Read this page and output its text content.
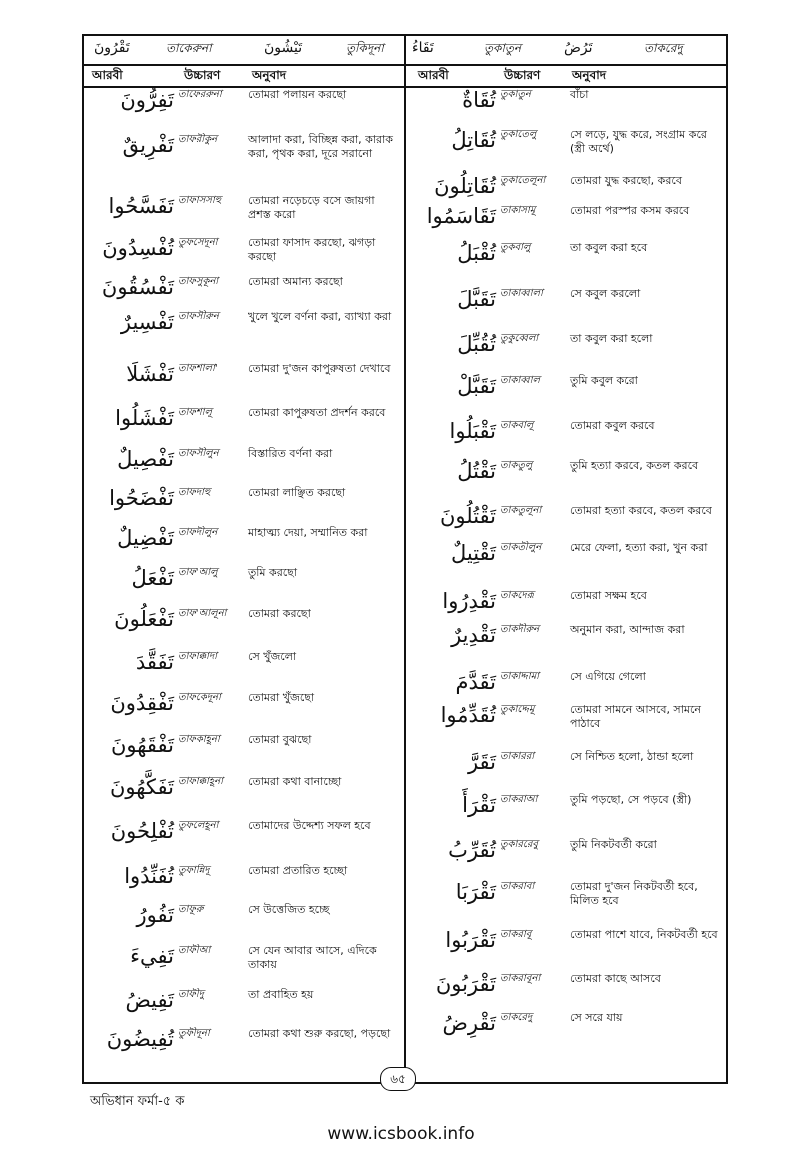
تَقْرُونَ	তাকেরুনা	تَيْشُونَ	তুকিদূনা تَقَاءُ	তুকাতুন	تَرُضُ	তাকরেদু
আরবী	উচ্চারণ	অনুবাদ	আরবী	উচ্চারণ	অনুবাদ
تَفِرُّونَ তাফেররুনা	তোমরা পলায়ন করছো
تَفْرِيقٌ তাফরীকুন	আলাদা করা, বিচ্ছিন্ন করা, কারাক করা, পৃথক করা, দূরে সরানো
تَفَسَّحُوا তাফাসসাহু	তোমরা নড়েচড়ে বসে জায়গা প্রশস্ত করো
تُفْسِدُونَ তুফসেদূনা	তোমরা ফাসাদ করছো, ঝগড়া করছো
تَفْسُقُونَ তাফসুকূনা	তোমরা অমান্য করছো
تَفْسِيرٌ তাফসীরুন	খুলে খুলে বর্ণনা করা, ব্যাখ্যা করা
تَفْشَلَا তাফশালা'	তোমরা দু'জন কাপুরুষতা দেখাবে
تَفْشَلُوا তাফশালূ	তোমরা কাপুরুষতা প্রদর্শন করবে
تَفْصِيلٌ তাফসীলুন	বিস্তারিত বর্ণনা করা
تَفْضَحُوا তাফদাহু	তোমরা লাঞ্ছিত করছো
تَفْضِيلٌ তাফদীলুন	মাহাত্ম্য দেয়া, সম্মানিত করা
تَفْعَلُ তাফ'আলু	তুমি করছো
تَفْعَلُونَ তাফ'আলূনা	তোমরা করছো
تَفَقَّدَ তাফাক্কাদা	সে খুঁজলো
تَفْقِدُونَ তাফকেদূনা	তোমরা খুঁজছো
تَفْقَهُونَ তাফকাহূনা	তোমরা বুঝছো
تَفَكَّهُونَ তাফাক্কাহূনা	তোমরা কথা বানাচ্ছো
تُفْلِحُونَ তুফলেহূনা	তোমাদের উদ্দেশ্য সফল হবে
تُفَنِّدُوا তুফান্নিদূ	তোমরা প্রতারিত হচ্ছো
تَفُورُ তাফূরু	সে উত্তেজিত হচ্ছে
تَفِيءَ তাফীআ	সে যেন আবার আসে, এদিকে তাকায়
تَفِيضُ তাফীদু	তা প্রবাহিত হয়
تُفِيضُونَ তুফীদূনা	তোমরা কথা শুরু করছো, পড়ছো
تُقَاةٌ তুকাতুন	বাঁচা
تُقَاتِلُ তুকাতেলু	সে লড়ে, যুদ্ধ করে, সংগ্রাম করে (স্ত্রী অর্থে)
تُقَاتِلُونَ তুকাতেলূনা	তোমরা যুদ্ধ করছো, করবে
تَقَاسَمُوا তাকাসামূ	তোমরা পরস্পর কসম করবে
تُقْبَلُ তুকবালু	তা কবুল করা হবে
تَقَبَّلَ তাকাব্বালা	সে কবুল করলো
تُقُبِّلَ তুকুব্বেলা	তা কবুল করা হলো
تَقَبَّلْ তাকাব্বাল	তুমি কবুল করো
تَقْبَلُوا তাকবালূ	তোমরা কবুল করবে
تَقْتُلُ তাকতুলু	তুমি হত্যা করবে, কতল করবে
تَقْتُلُونَ তাকতুলূনা	তোমরা হত্যা করবে, কতল করবে
تَقْتِيلٌ তাকতীলুন	মেরে ফেলা, হত্যা করা, খুন করা
تَقْدِرُوا তাকদেরূ	তোমরা সক্ষম হবে
تَقْدِيرٌ তাকদীরুন	অনুমান করা, আন্দাজ করা
تَقَدَّمَ তাকাদ্দামা	সে এগিয়ে গেলো
تُقَدِّمُوا তুকাদ্দেমূ	তোমরা সামনে আসবে, সামনে পাঠাবে
تَقَرَّ তাকাররা	সে নিশ্চিত হলো, ঠান্ডা হলো
تَقْرَأَ তাকরাআ	তুমি পড়ছো, সে পড়বে (স্ত্রী)
تُقَرِّبُ তুকাররেবু	তুমি নিকটবর্তী করো
تَقْرَبَا তাকরাবা	তোমরা দু'জন নিকটবর্তী হবে, মিলিত হবে
تَقْرَبُوا তাকরাবূ	তোমরা পাশে যাবে, নিকটবর্তী হবে
تَقْرَبُونَ তাকরাবূনা	তোমরা কাছে আসবে
تَقْرِضُ তাকরেদু	সে সরে যায়
৬৫
অভিধান ফর্মা-৫ ক
www.icsbook.info
